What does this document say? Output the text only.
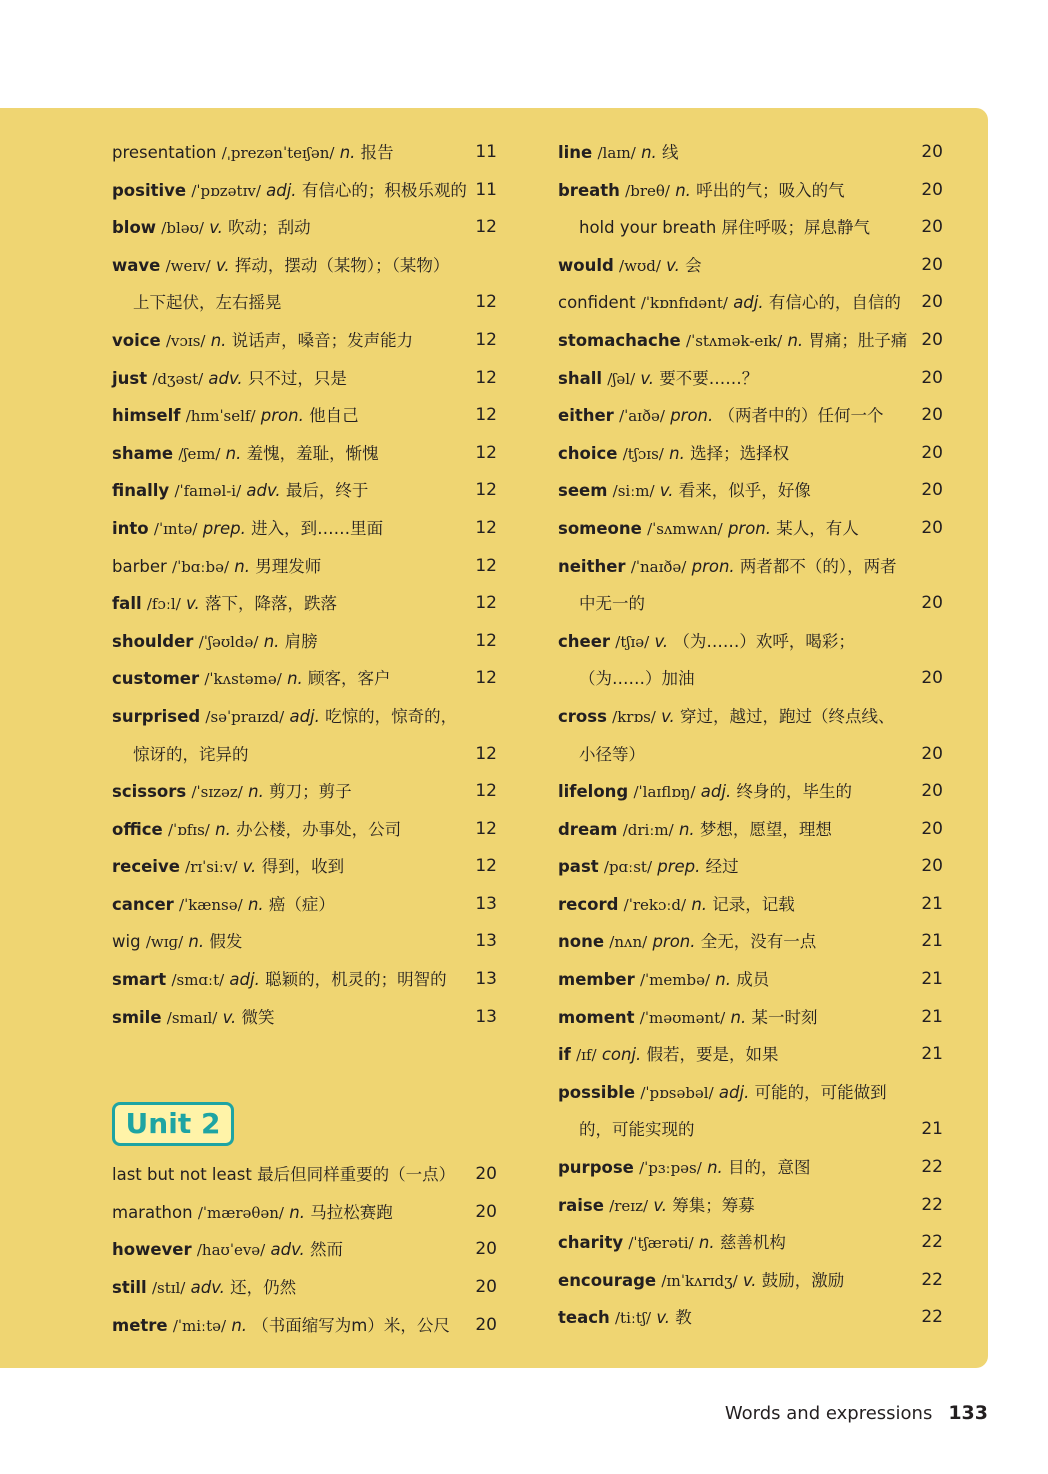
presentation /ˌprezənˈteɪʃən/ n. 报告	11
positive /ˈpɒzətɪv/ adj. 有信心的；积极乐观的 11
blow /bləʊ/ v. 吹动；刮动	12
wave /weɪv/ v. 挥动，摆动（某物）；（某物）
上下起伏，左右摇晃	12
voice /vɔɪs/ n. 说话声，嗓音；发声能力	12
just /dʒəst/ adv. 只不过，只是	12
himself /hɪmˈself/ pron. 他自己	12
shame /ʃeɪm/ n. 羞愧，羞耻，惭愧	12
finally /ˈfaɪnəl-i/ adv. 最后，终于	12
into /ˈɪntə/ prep. 进入，到……里面	12
barber /ˈbɑːbə/ n. 男理发师	12
fall /fɔːl/ v. 落下，降落，跌落	12
shoulder /ˈʃəʊldə/ n. 肩膀	12
customer /ˈkʌstəmə/ n. 顾客，客户	12
surprised /səˈpraɪzd/ adj. 吃惊的，惊奇的，
惊讶的，诧异的	12
scissors /ˈsɪzəz/ n. 剪刀；剪子	12
office /ˈɒfɪs/ n. 办公楼，办事处，公司	12
receive /rɪˈsiːv/ v. 得到，收到	12
cancer /ˈkænsə/ n. 癌（症）	13
wig /wɪɡ/ n. 假发	13
smart /smɑːt/ adj. 聪颖的，机灵的；明智的 13
smile /smaɪl/ v. 微笑	13
Unit 2
last but not least 最后但同样重要的（一点） 20
marathon /ˈmærəθən/ n. 马拉松赛跑	20
however /haʊˈevə/ adv. 然而	20
still /stɪl/ adv. 还，仍然	20
metre /ˈmiːtə/ n. （书面缩写为m）米，公尺 20
line /laɪn/ n. 线	20
breath /breθ/ n. 呼出的气；吸入的气	20
hold your breath 屏住呼吸；屏息静气	20
would /wʊd/ v. 会	20
confident /ˈkɒnfɪdənt/ adj. 有信心的，自信的 20
stomachache /ˈstʌmək-eɪk/ n. 胃痛；肚子痛 20
shall /ʃəl/ v. 要不要……？	20
either /ˈaɪðə/ pron. （两者中的）任何一个 20
choice /tʃɔɪs/ n. 选择；选择权	20
seem /siːm/ v. 看来，似乎，好像	20
someone /ˈsʌmwʌn/ pron. 某人，有人	20
neither /ˈnaɪðə/ pron. 两者都不（的），两者
中无一的	20
cheer /tʃɪə/ v. （为……）欢呼，喝彩；
（为……）加油	20
cross /krɒs/ v. 穿过，越过，跑过（终点线、
小径等）	20
lifelong /ˈlaɪflɒŋ/ adj. 终身的，毕生的	20
dream /driːm/ n. 梦想，愿望，理想	20
past /pɑːst/ prep. 经过	20
record /ˈrekɔːd/ n. 记录，记载	21
none /nʌn/ pron. 全无，没有一点	21
member /ˈmembə/ n. 成员	21
moment /ˈməʊmənt/ n. 某一时刻	21
if /ɪf/ conj. 假若，要是，如果	21
possible /ˈpɒsəbəl/ adj. 可能的，可能做到
的，可能实现的	21
purpose /ˈpɜːpəs/ n. 目的，意图	22
raise /reɪz/ v. 筹集；筹募	22
charity /ˈtʃærəti/ n. 慈善机构	22
encourage /ɪnˈkʌrɪdʒ/ v. 鼓励，激励	22
teach /tiːtʃ/ v. 教	22
Words and expressions 133
